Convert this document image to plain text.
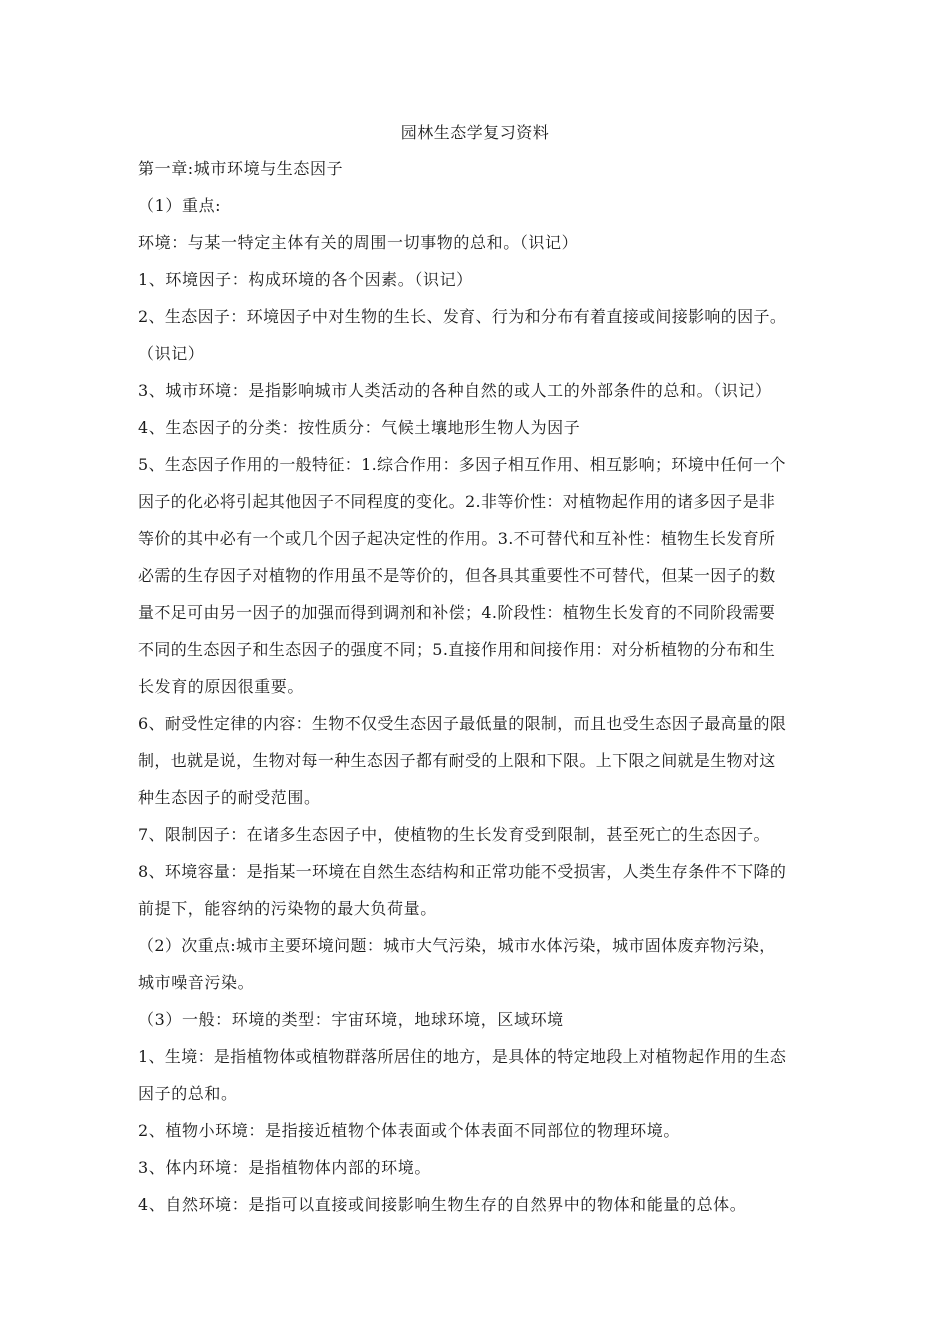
园林生态学复习资料
第一章:城市环境与生态因子
（1）重点:
环境：与某一特定主体有关的周围一切事物的总和。（识记）
1、环境因子：构成环境的各个因素。（识记）
2、生态因子：环境因子中对生物的生长、发育、行为和分布有着直接或间接影响的因子。
（识记）
3、城市环境：是指影响城市人类活动的各种自然的或人工的外部条件的总和。（识记）
4、生态因子的分类：按性质分：气候土壤地形生物人为因子
5、生态因子作用的一般特征：1.综合作用：多因子相互作用、相互影响；环境中任何一个
因子的化必将引起其他因子不同程度的变化。2.非等价性：对植物起作用的诸多因子是非
等价的其中必有一个或几个因子起决定性的作用。3.不可替代和互补性：植物生长发育所
必需的生存因子对植物的作用虽不是等价的，但各具其重要性不可替代，但某一因子的数
量不足可由另一因子的加强而得到调剂和补偿；4.阶段性：植物生长发育的不同阶段需要
不同的生态因子和生态因子的强度不同；5.直接作用和间接作用：对分析植物的分布和生
长发育的原因很重要。
6、耐受性定律的内容：生物不仅受生态因子最低量的限制，而且也受生态因子最高量的限
制，也就是说，生物对每一种生态因子都有耐受的上限和下限。上下限之间就是生物对这
种生态因子的耐受范围。
7、限制因子：在诸多生态因子中，使植物的生长发育受到限制，甚至死亡的生态因子。
8、环境容量：是指某一环境在自然生态结构和正常功能不受损害，人类生存条件不下降的
前提下，能容纳的污染物的最大负荷量。
（2）次重点:城市主要环境问题：城市大气污染，城市水体污染，城市固体废弃物污染，
城市噪音污染。
（3）一般：环境的类型：宇宙环境，地球环境，区域环境
1、生境：是指植物体或植物群落所居住的地方，是具体的特定地段上对植物起作用的生态
因子的总和。
2、植物小环境：是指接近植物个体表面或个体表面不同部位的物理环境。
3、体内环境：是指植物体内部的环境。
4、自然环境：是指可以直接或间接影响生物生存的自然界中的物体和能量的总体。
